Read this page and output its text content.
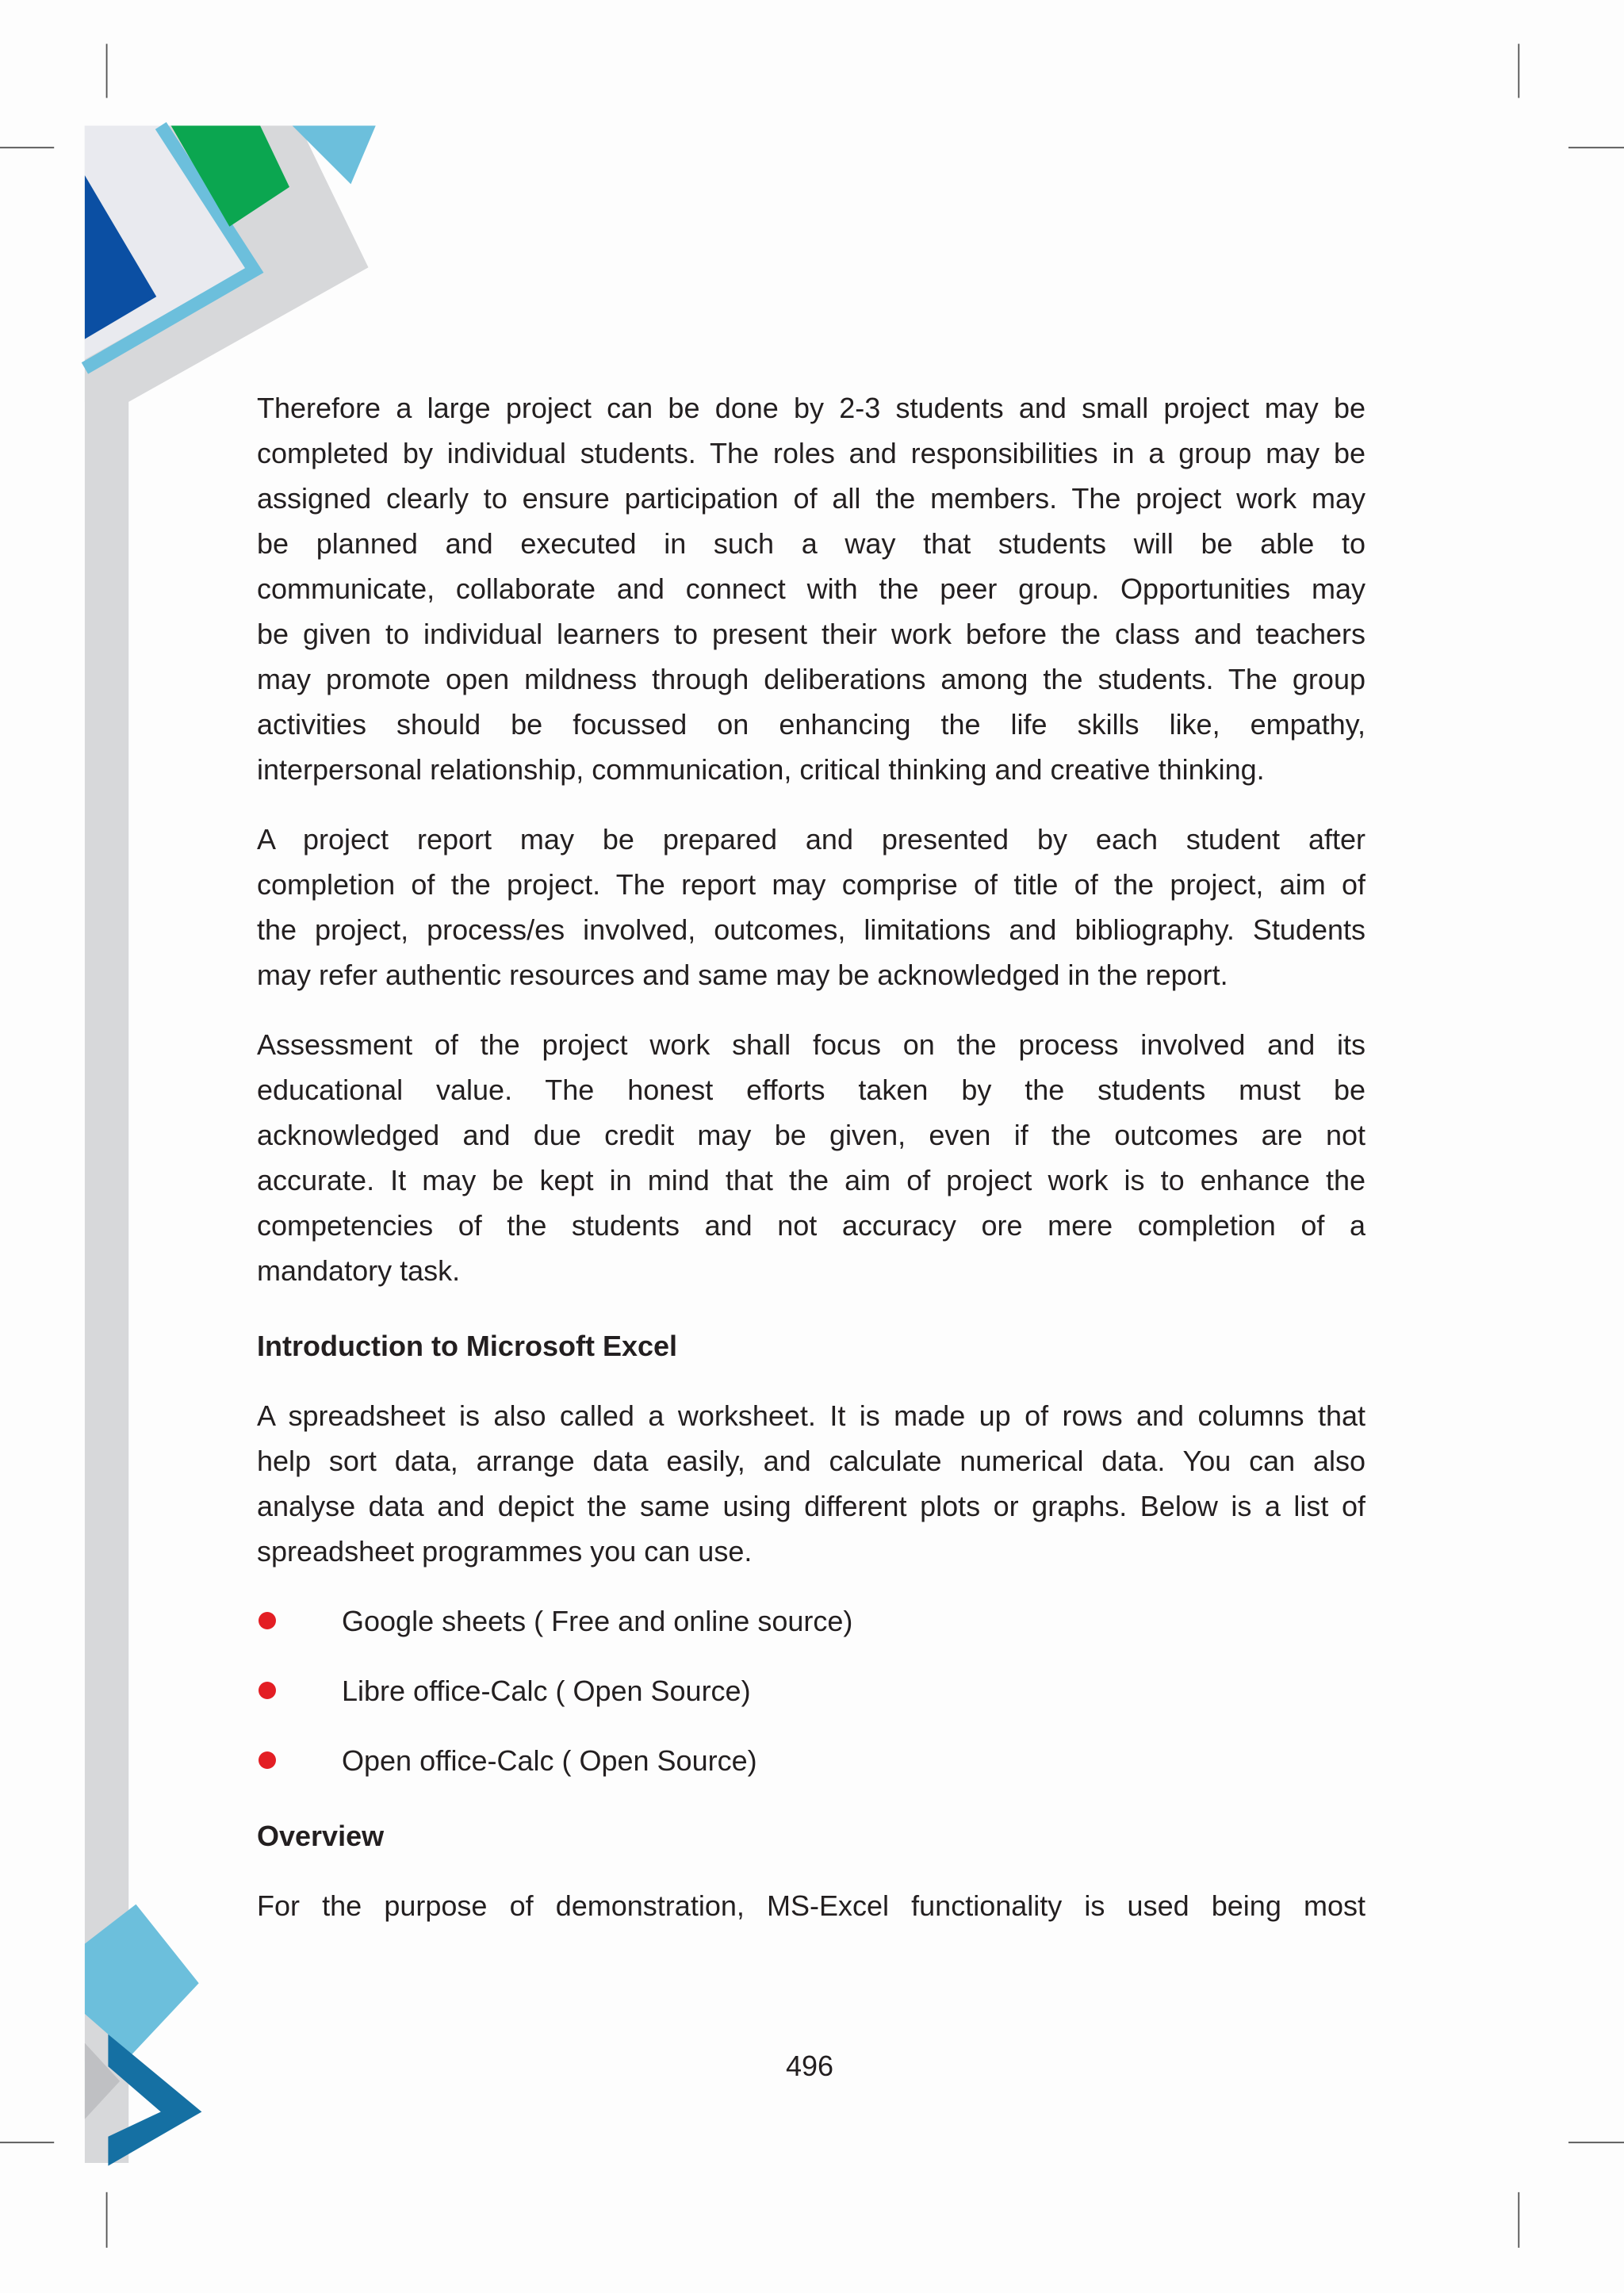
Therefore a large project can be done by 2-3 students and small project may be
completed by individual students. The roles and responsibilities in a group may be
assigned clearly to ensure participation of all the members. The project work may
be planned and executed in such a way that students will be able to
communicate, collaborate and connect with the peer group. Opportunities may
be given to individual learners to present their work before the class and teachers
may promote open mildness through deliberations among the students. The group
activities should be focussed on enhancing the life skills like, empathy,
interpersonal relationship, communication, critical thinking and creative thinking.
A project report may be prepared and presented by each student after
completion of the project. The report may comprise of title of the project, aim of
the project, process/es involved, outcomes, limitations and bibliography. Students
may refer authentic resources and same may be acknowledged in the report.
Assessment of the project work shall focus on the process involved and its
educational value. The honest efforts taken by the students must be
acknowledged and due credit may be given, even if the outcomes are not
accurate. It may be kept in mind that the aim of project work is to enhance the
competencies of the students and not accuracy ore mere completion of a
mandatory task.
Introduction to Microsoft Excel
A spreadsheet is also called a worksheet. It is made up of rows and columns that
help sort data, arrange data easily, and calculate numerical data. You can also
analyse data and depict the same using different plots or graphs. Below is a list of
spreadsheet programmes you can use.
Google sheets ( Free and online source)
Libre office-Calc ( Open Source)
Open office-Calc ( Open Source)
Overview
For the purpose of demonstration, MS-Excel functionality is used being most
496
